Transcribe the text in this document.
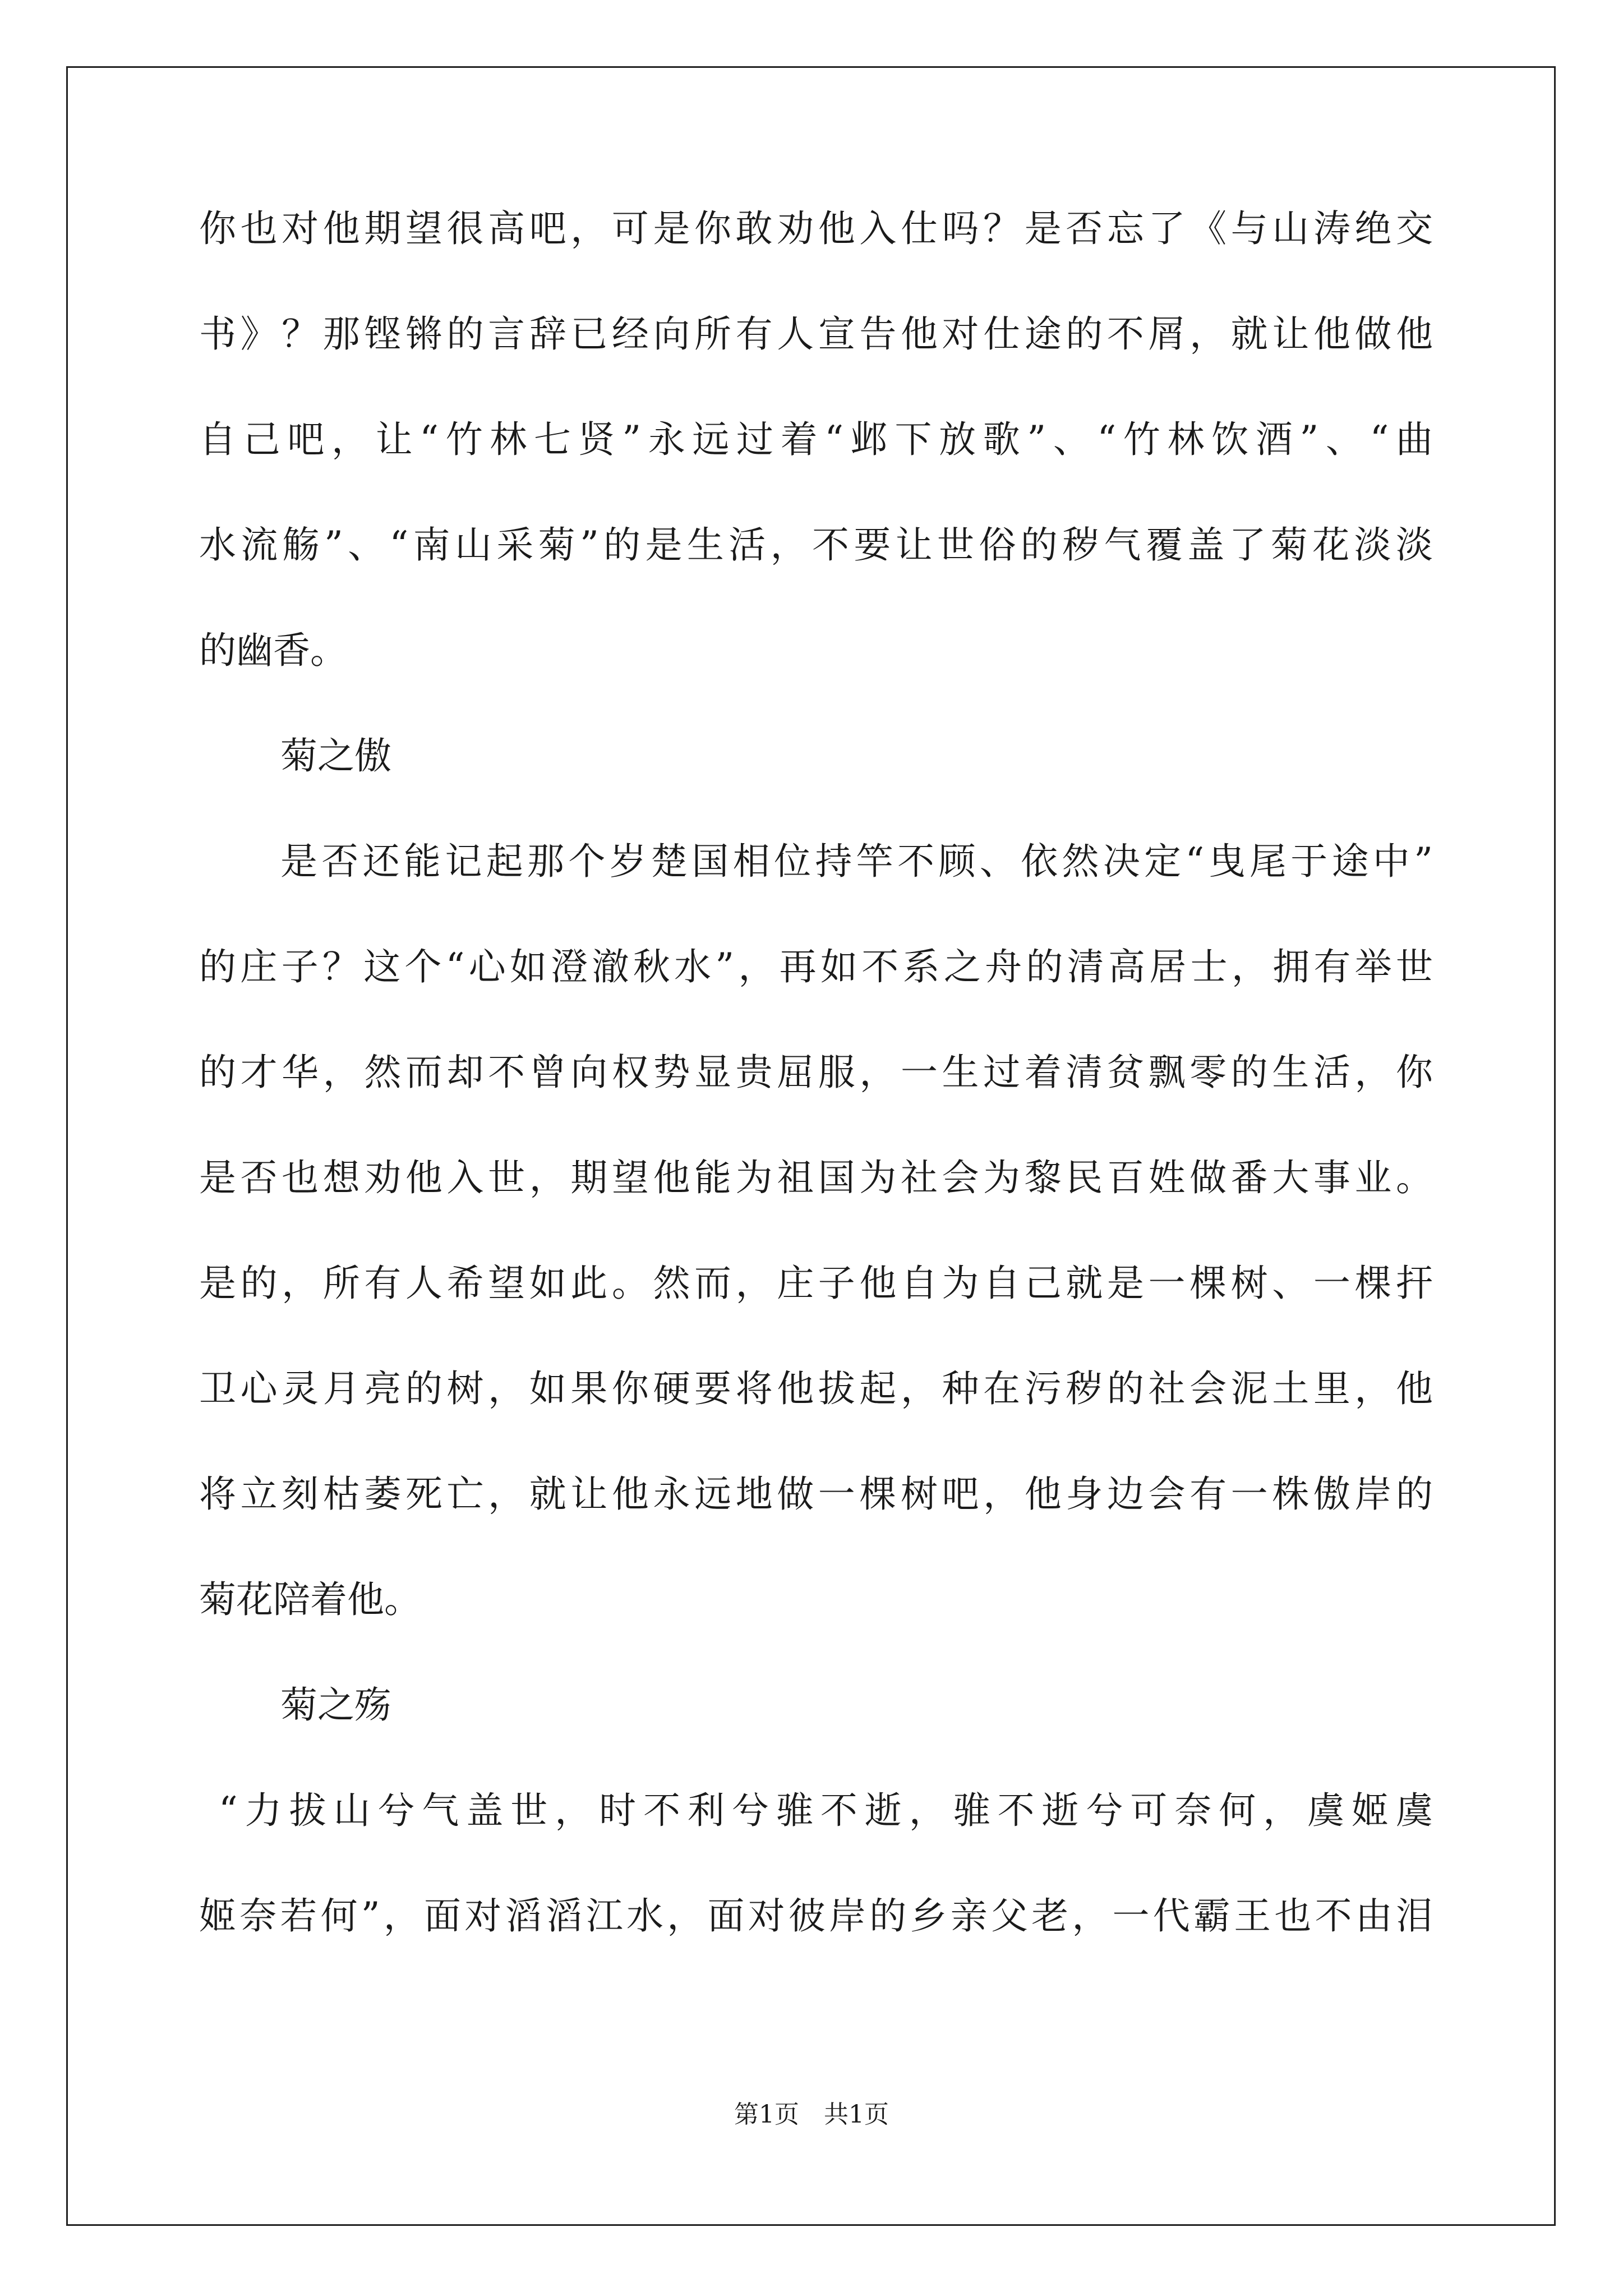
你也对他期望很高吧，可是你敢劝他入仕吗？是否忘了《与山涛绝交
书》？那铿锵的言辞已经向所有人宣告他对仕途的不屑，就让他做他
自己吧，让“竹林七贤”永远过着“邺下放歌”、“竹林饮酒”、“曲
水流觞”、“南山采菊”的是生活，不要让世俗的秽气覆盖了菊花淡淡
的幽香。
菊之傲
是否还能记起那个岁楚国相位持竿不顾、依然决定“曳尾于途中”
的庄子？这个“心如澄澈秋水”，再如不系之舟的清高居士，拥有举世
的才华，然而却不曾向权势显贵屈服，一生过着清贫飘零的生活，你
是否也想劝他入世，期望他能为祖国为社会为黎民百姓做番大事业。
是的，所有人希望如此。然而，庄子他自为自己就是一棵树、一棵扞
卫心灵月亮的树，如果你硬要将他拔起，种在污秽的社会泥土里，他
将立刻枯萎死亡，就让他永远地做一棵树吧，他身边会有一株傲岸的
菊花陪着他。
菊之殇
“力拔山兮气盖世，时不利兮骓不逝，骓不逝兮可奈何，虞姬虞
姬奈若何”，面对滔滔江水，面对彼岸的乡亲父老，一代霸王也不由泪
第1页　共1页
